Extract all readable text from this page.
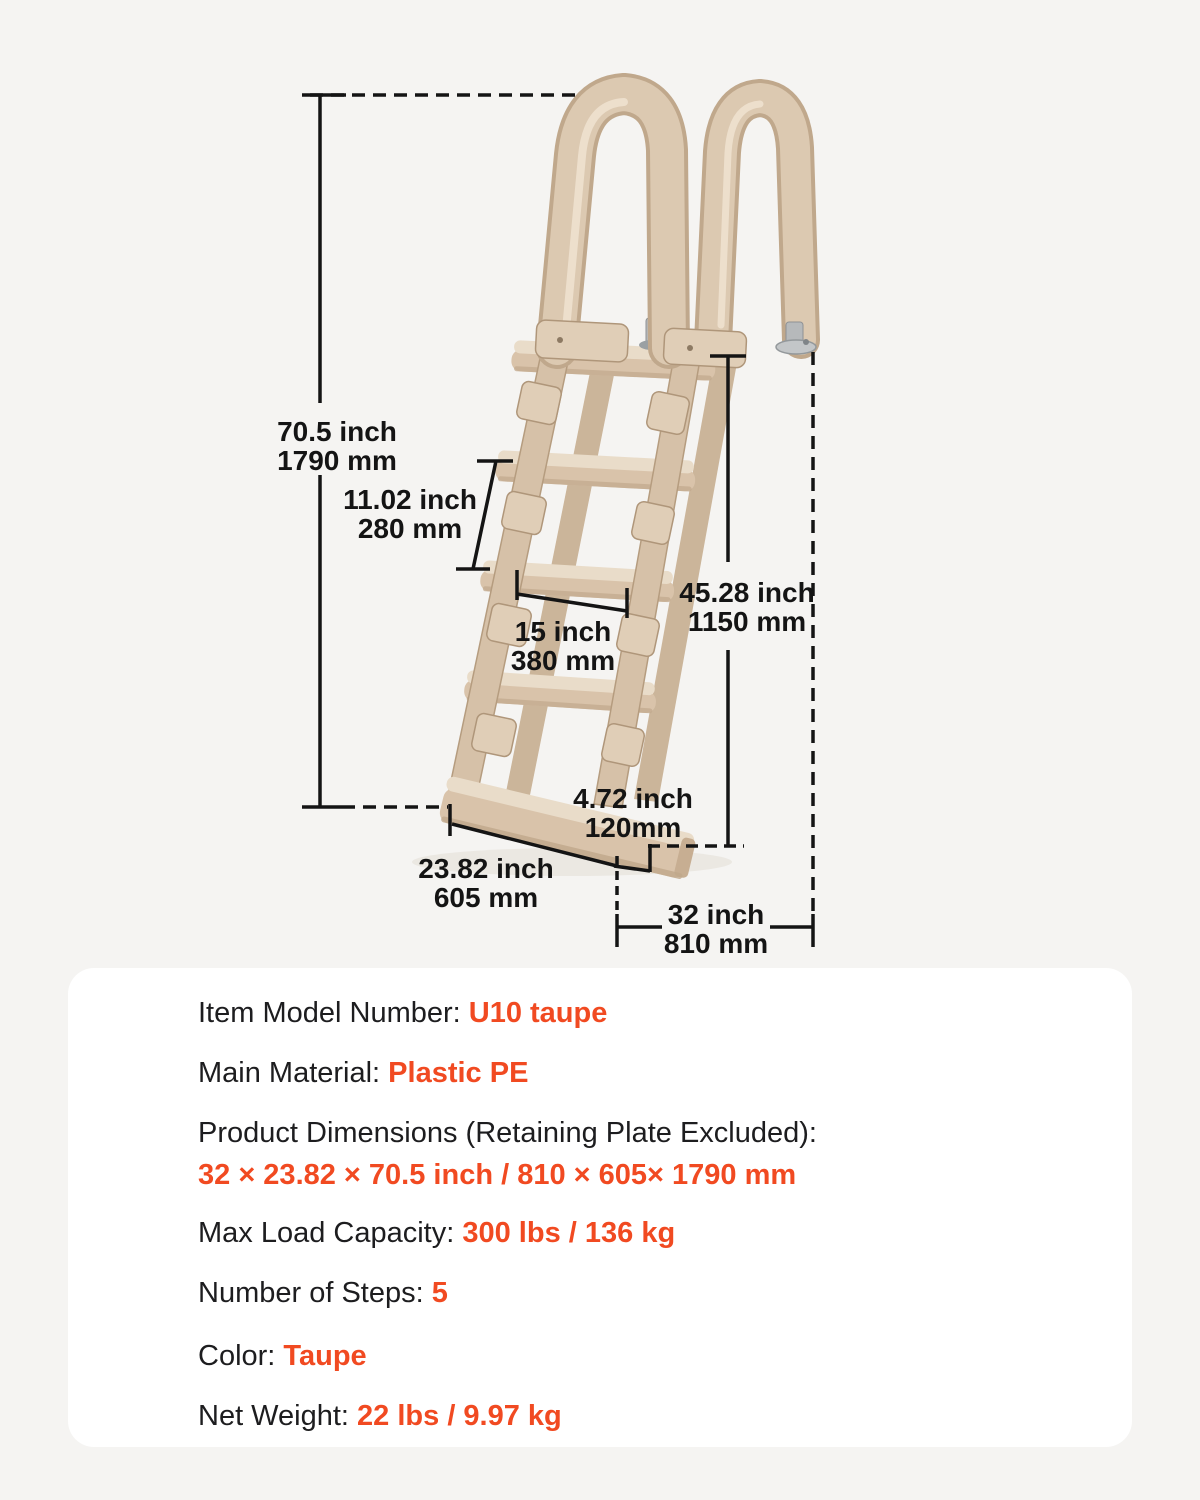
70.5 inch
1790 mm
11.02 inch
280 mm
15 inch
380 mm
45.28 inch
1150 mm
4.72 inch
120mm
23.82 inch
605 mm
32 inch
810 mm
Item Model Number: U10 taupe
Main Material: Plastic PE
Product Dimensions (Retaining Plate Excluded):
32 × 23.82 × 70.5 inch / 810 × 605× 1790 mm
Max Load Capacity: 300 lbs / 136 kg
Number of Steps: 5
Color: Taupe
Net Weight: 22 lbs / 9.97 kg
